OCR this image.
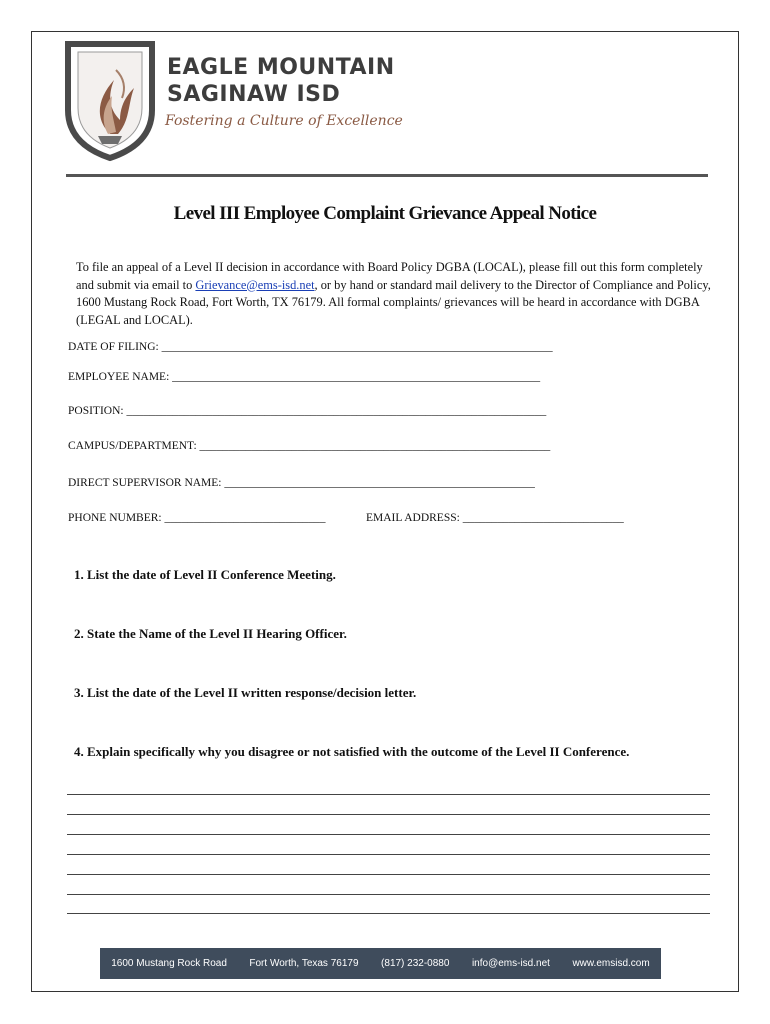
EAGLE MOUNTAIN
SAGINAW ISD
Fostering a Culture of Excellence
Level III Employee Complaint Grievance Appeal Notice
To file an appeal of a Level II decision in accordance with Board Policy DGBA (LOCAL), please fill out this form completely and submit via email to Grievance@ems-isd.net, or by hand or standard mail delivery to the Director of Compliance and Policy, 1600 Mustang Rock Road, Fort Worth, TX 76179. All formal complaints/ grievances will be heard in accordance with DGBA (LEGAL and LOCAL).
DATE OF FILING: ____________________________________________________________________
EMPLOYEE NAME: ________________________________________________________________
POSITION: _________________________________________________________________________
CAMPUS/DEPARTMENT: _____________________________________________________________
DIRECT SUPERVISOR NAME: ______________________________________________________
PHONE NUMBER: ____________________________	EMAIL ADDRESS: ____________________________
1. List the date of Level II Conference Meeting.
2. State the Name of the Level II Hearing Officer.
3. List the date of the Level II written response/decision letter.
4. Explain specifically why you disagree or not satisfied with the outcome of the Level II Conference.
1600 Mustang Rock Road Fort Worth, Texas 76179 (817) 232-0880 info@ems-isd.net www.emsisd.com
